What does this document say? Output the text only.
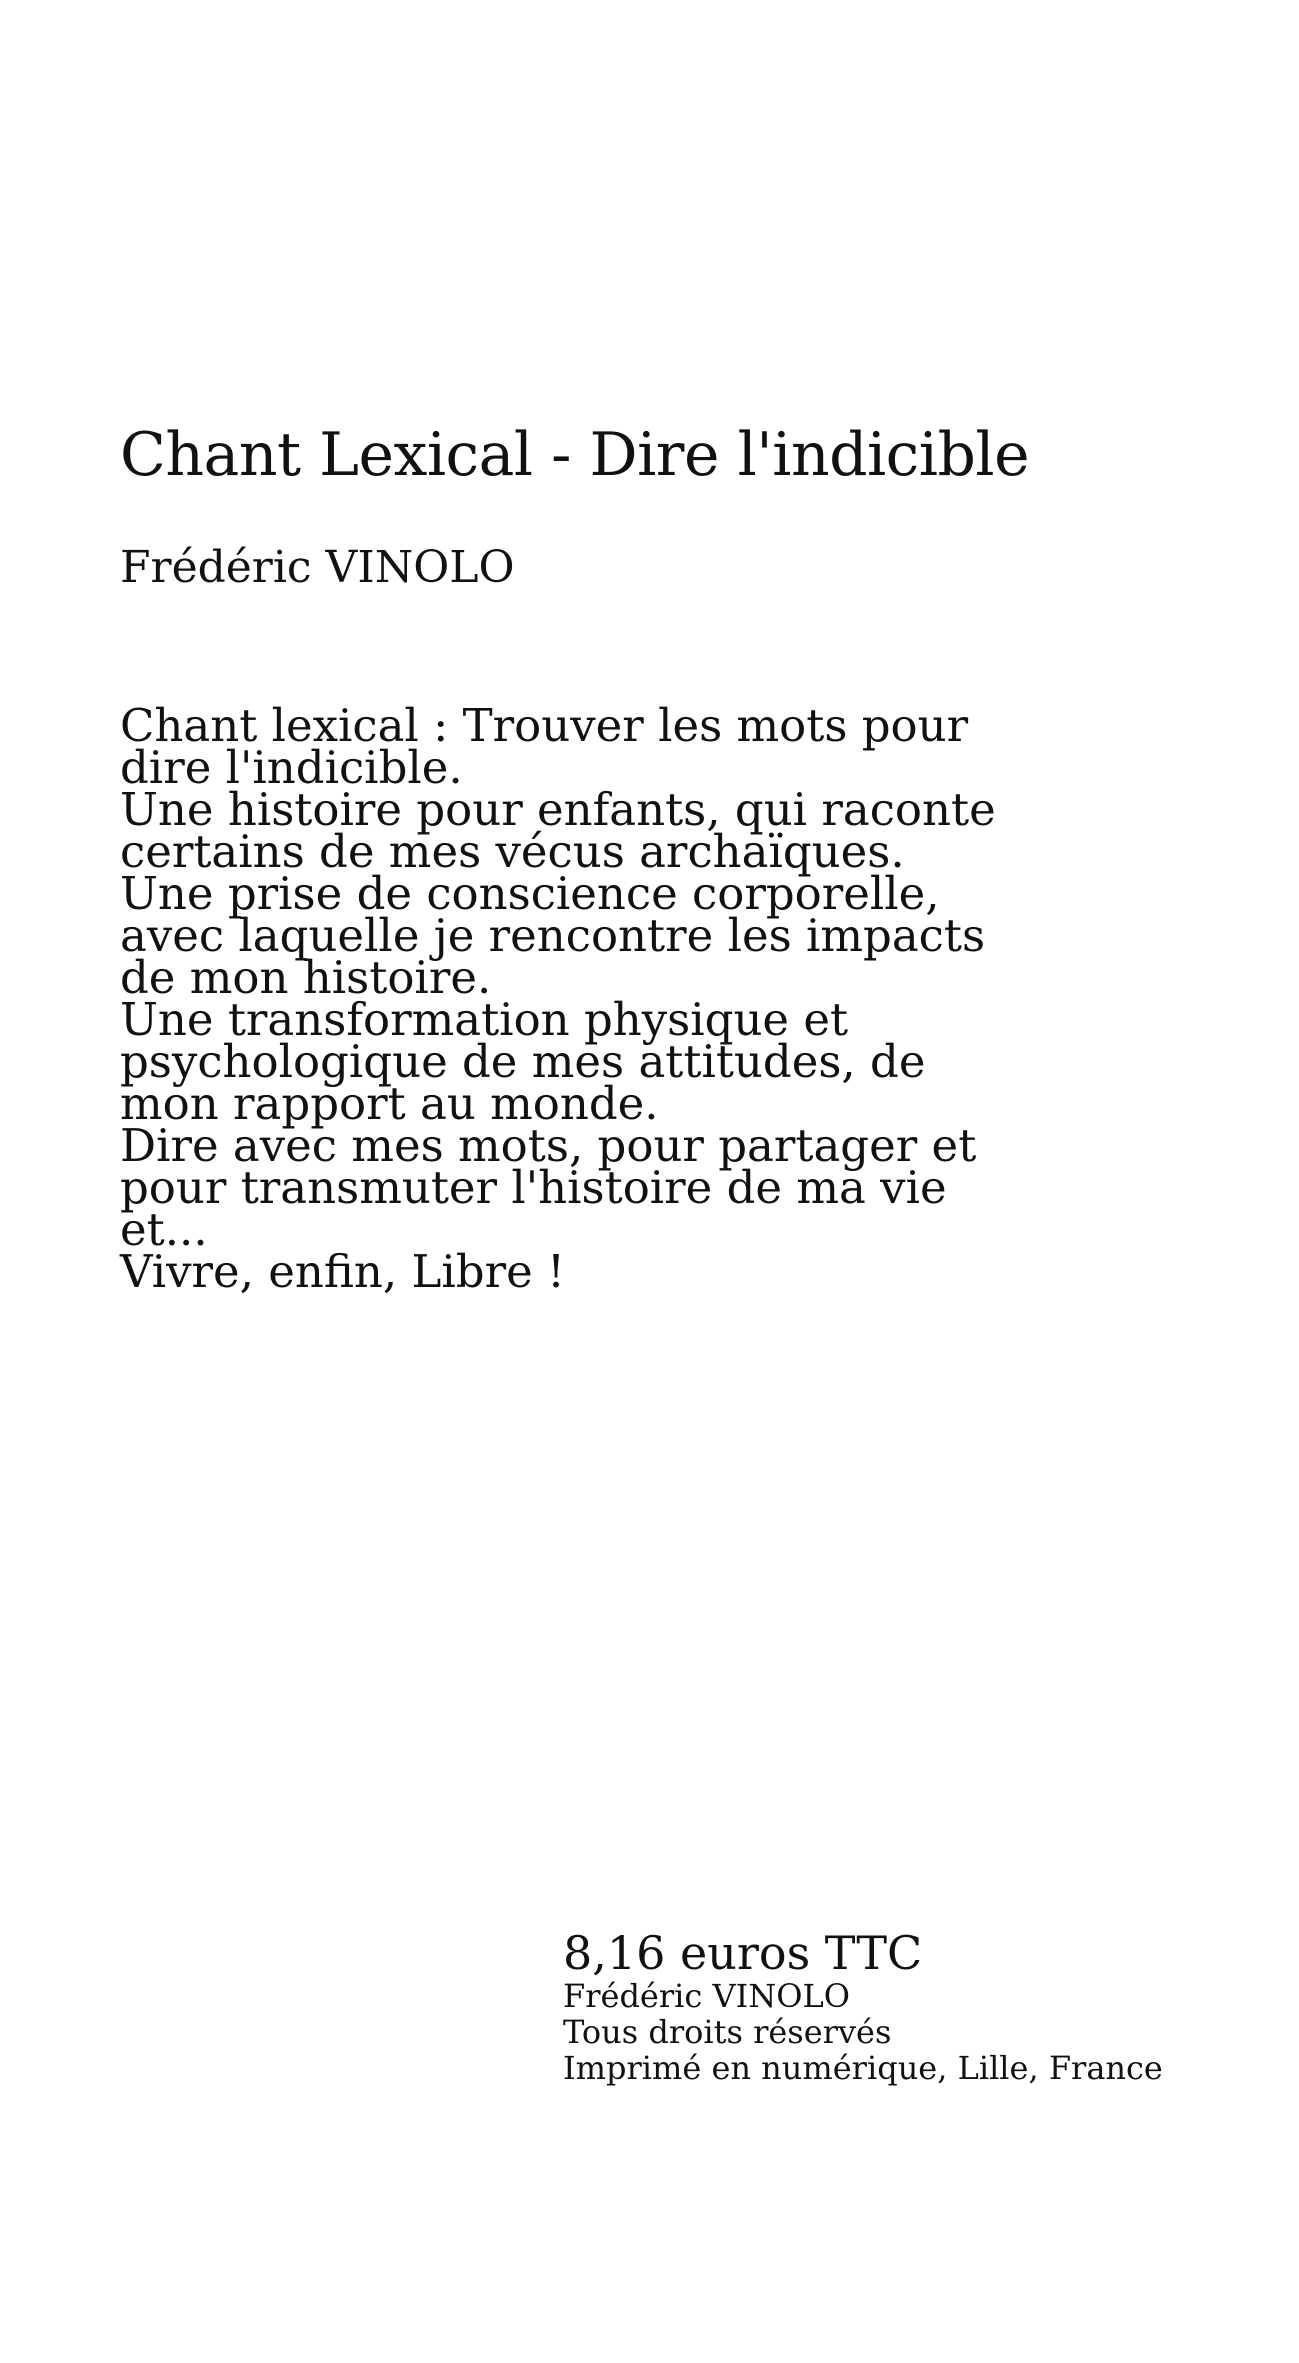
Chant Lexical - Dire l'indicible

Frédéric VINOLO

Chant lexical : Trouver les mots pour
dire l'indicible.
Une histoire pour enfants, qui raconte
certains de mes vécus archaïques.
Une prise de conscience corporelle,
avec laquelle je rencontre les impacts
de mon histoire.
Une transformation physique et
psychologique de mes attitudes, de
mon rapport au monde.
Dire avec mes mots, pour partager et
pour transmuter l'histoire de ma vie
et...
Vivre, enfin, Libre !
8,16 euros TTC
Frédéric VINOLO
Tous droits réservés
Imprimé en numérique, Lille, France
